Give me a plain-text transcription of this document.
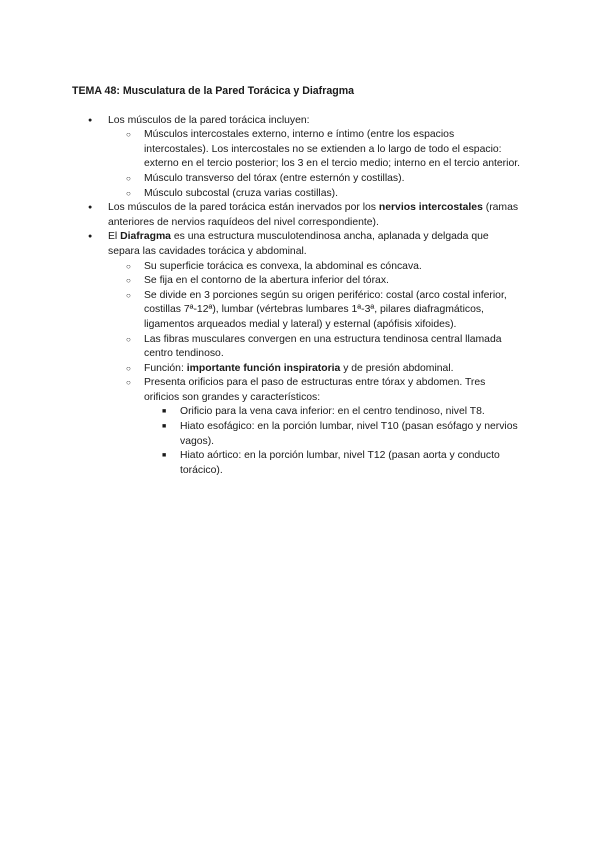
TEMA 48: Musculatura de la Pared Torácica y Diafragma
● Los músculos de la pared torácica incluyen:
○ Músculos intercostales externo, interno e íntimo (entre los espacios intercostales). Los intercostales no se extienden a lo largo de todo el espacio: externo en el tercio posterior; los 3 en el tercio medio; interno en el tercio anterior.
○ Músculo transverso del tórax (entre esternón y costillas).
○ Músculo subcostal (cruza varias costillas).
● Los músculos de la pared torácica están inervados por los nervios intercostales (ramas anteriores de nervios raquídeos del nivel correspondiente).
● El Diafragma es una estructura musculotendinosa ancha, aplanada y delgada que separa las cavidades torácica y abdominal.
○ Su superficie torácica es convexa, la abdominal es cóncava.
○ Se fija en el contorno de la abertura inferior del tórax.
○ Se divide en 3 porciones según su origen periférico: costal (arco costal inferior, costillas 7ª-12ª), lumbar (vértebras lumbares 1ª-3ª, pilares diafragmáticos, ligamentos arqueados medial y lateral) y esternal (apófisis xifoides).
○ Las fibras musculares convergen en una estructura tendinosa central llamada centro tendinoso.
○ Función: importante función inspiratoria y de presión abdominal.
○ Presenta orificios para el paso de estructuras entre tórax y abdomen. Tres orificios son grandes y característicos:
■ Orificio para la vena cava inferior: en el centro tendinoso, nivel T8.
■ Hiato esofágico: en la porción lumbar, nivel T10 (pasan esófago y nervios vagos).
■ Hiato aórtico: en la porción lumbar, nivel T12 (pasan aorta y conducto torácico).
